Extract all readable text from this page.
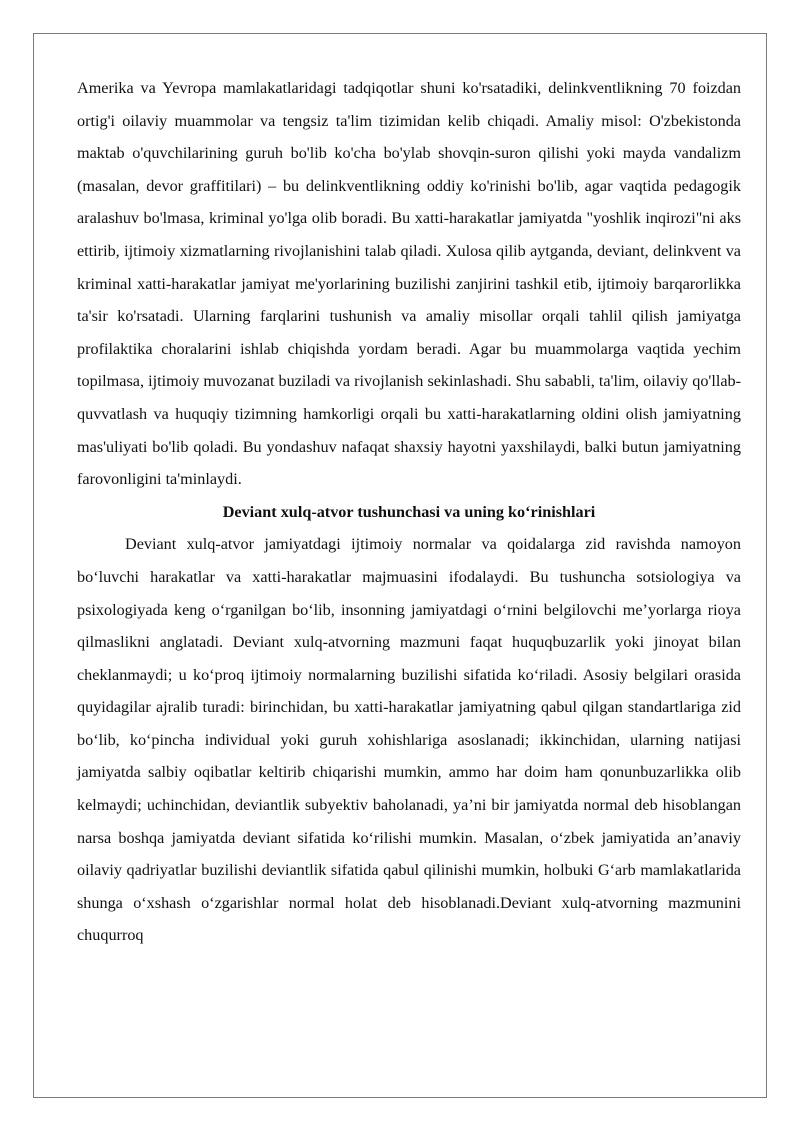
Amerika va Yevropa mamlakatlaridagi tadqiqotlar shuni ko'rsatadiki, delinkventlikning 70 foizdan ortig'i oilaviy muammolar va tengsiz ta'lim tizimidan kelib chiqadi. Amaliy misol: O'zbekistonda maktab o'quvchilarining guruh bo'lib ko'cha bo'ylab shovqin-suron qilishi yoki mayda vandalizm (masalan, devor graffitilari) – bu delinkventlikning oddiy ko'rinishi bo'lib, agar vaqtida pedagogik aralashuv bo'lmasa, kriminal yo'lga olib boradi. Bu xatti-harakatlar jamiyatda "yoshlik inqirozi"ni aks ettirib, ijtimoiy xizmatlarning rivojlanishini talab qiladi. Xulosa qilib aytganda, deviant, delinkvent va kriminal xatti-harakatlar jamiyat me'yorlarining buzilishi zanjirini tashkil etib, ijtimoiy barqarorlikka ta'sir ko'rsatadi. Ularning farqlarini tushunish va amaliy misollar orqali tahlil qilish jamiyatga profilaktika choralarini ishlab chiqishda yordam beradi. Agar bu muammolarga vaqtida yechim topilmasa, ijtimoiy muvozanat buziladi va rivojlanish sekinlashadi. Shu sababli, ta'lim, oilaviy qo'llab-quvvatlash va huquqiy tizimning hamkorligi orqali bu xatti-harakatlarning oldini olish jamiyatning mas'uliyati bo'lib qoladi. Bu yondashuv nafaqat shaxsiy hayotni yaxshilaydi, balki butun jamiyatning farovonligini ta'minlaydi.

Deviant xulq-atvor tushunchasi va uning ko‘rinishlari

Deviant xulq-atvor jamiyatdagi ijtimoiy normalar va qoidalarga zid ravishda namoyon bo‘luvchi harakatlar va xatti-harakatlar majmuasini ifodalaydi. Bu tushuncha sotsiologiya va psixologiyada keng o‘rganilgan bo‘lib, insonning jamiyatdagi o‘rnini belgilovchi me’yorlarga rioya qilmaslikni anglatadi. Deviant xulq-atvorning mazmuni faqat huquqbuzarlik yoki jinoyat bilan cheklanmaydi; u ko‘proq ijtimoiy normalarning buzilishi sifatida ko‘riladi. Asosiy belgilari orasida quyidagilar ajralib turadi: birinchidan, bu xatti-harakatlar jamiyatning qabul qilgan standartlariga zid bo‘lib, ko‘pincha individual yoki guruh xohishlariga asoslanadi; ikkinchidan, ularning natijasi jamiyatda salbiy oqibatlar keltirib chiqarishi mumkin, ammo har doim ham qonunbuzarlikka olib kelmaydi; uchinchidan, deviantlik subyektiv baholanadi, ya’ni bir jamiyatda normal deb hisoblangan narsa boshqa jamiyatda deviant sifatida ko‘rilishi mumkin. Masalan, o‘zbek jamiyatida an’anaviy oilaviy qadriyatlar buzilishi deviantlik sifatida qabul qilinishi mumkin, holbuki G‘arb mamlakatlarida shunga o‘xshash o‘zgarishlar normal holat deb hisoblanadi.Deviant xulq-atvorning mazmunini chuqurroq
